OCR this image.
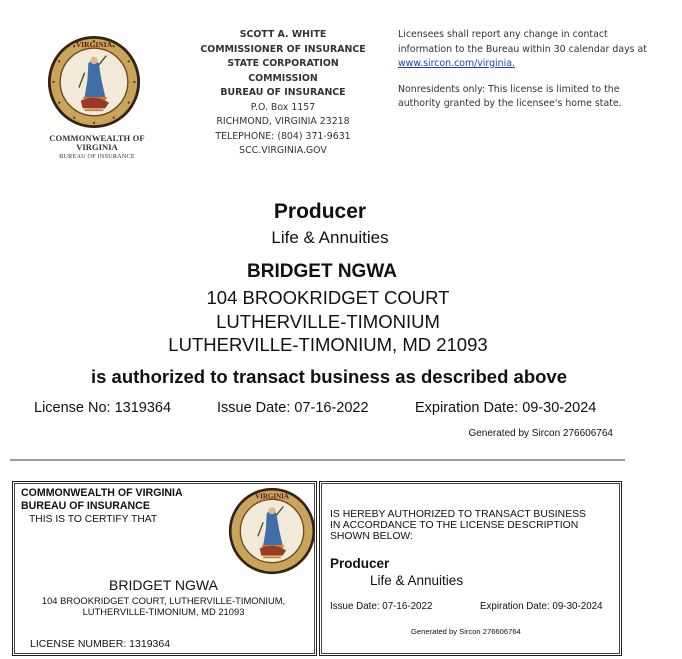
VIRGINIA
COMMONWEALTH OF
VIRGINIA
BUREAU OF INSURANCE
SCOTT A. WHITE
COMMISSIONER OF INSURANCE
STATE CORPORATION
COMMISSION
BUREAU OF INSURANCE
P.O. Box 1157
RICHMOND, VIRGINIA 23218
TELEPHONE: (804) 371-9631
SCC.VIRGINIA.GOV
Licensees shall report any change in contact
information to the Bureau within 30 calendar days at
www.sircon.com/virginia.
Nonresidents only: This license is limited to the
authority granted by the licensee's home state.
Producer
Life & Annuities
BRIDGET NGWA
104 BROOKRIDGET COURT
LUTHERVILLE-TIMONIUM
LUTHERVILLE-TIMONIUM, MD 21093
is authorized to transact business as described above
License No: 1319364	Issue Date: 07-16-2022	Expiration Date: 09-30-2024
Generated by Sircon 276606764
COMMONWEALTH OF VIRGINIA
BUREAU OF INSURANCE
THIS IS TO CERTIFY THAT
VIRGINIA
BRIDGET NGWA
104 BROOKRIDGET COURT, LUTHERVILLE-TIMONIUM,
LUTHERVILLE-TIMONIUM, MD 21093
LICENSE NUMBER: 1319364
IS HEREBY AUTHORIZED TO TRANSACT BUSINESS
IN ACCORDANCE TO THE LICENSE DESCRIPTION
SHOWN BELOW:
Producer
Life & Annuities
Issue Date: 07-16-2022	Expiration Date: 09-30-2024
Generated by Sircon 276606764
